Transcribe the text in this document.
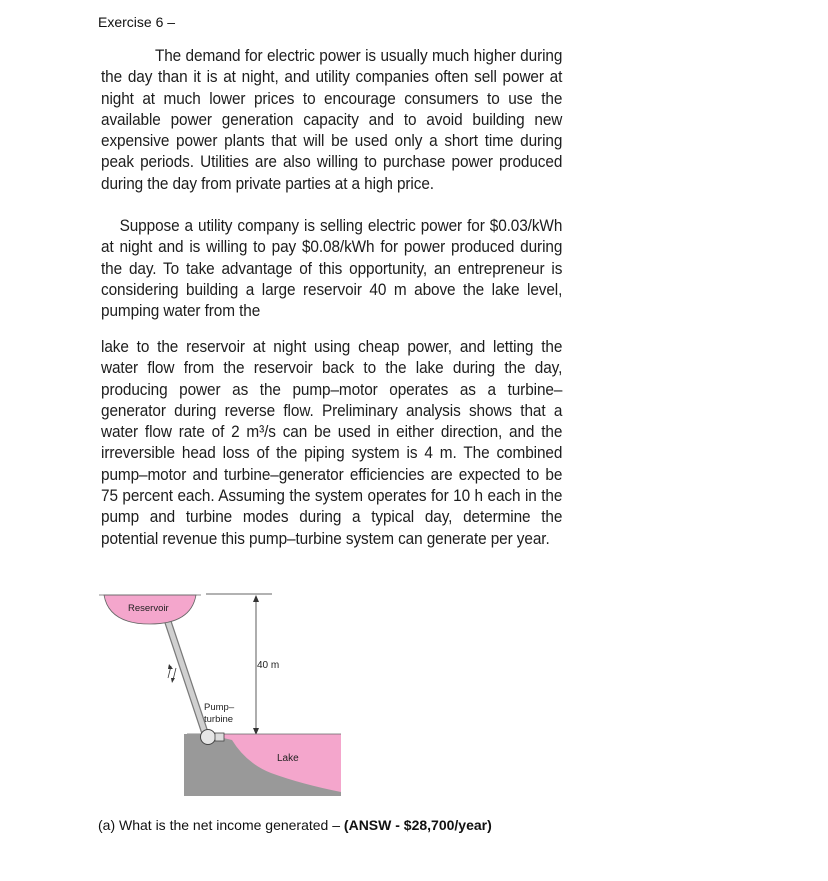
Exercise 6 –
The demand for electric power is usually much higher during the day than it is at night, and utility companies often sell power at night at much lower prices to encourage consumers to use the available power generation capacity and to avoid building new expensive power plants that will be used only a short time during peak periods. Utilities are also willing to purchase power produced during the day from private parties at a high price.
Suppose a utility company is selling electric power for $0.03/kWh at night and is willing to pay $0.08/kWh for power produced during the day. To take advantage of this opportunity, an entrepreneur is considering building a large reservoir 40 m above the lake level, pumping water from the
lake to the reservoir at night using cheap power, and letting the water flow from the reservoir back to the lake during the day, producing power as the pump–motor operates as a turbine–generator during reverse flow. Preliminary analysis shows that a water flow rate of 2 m³/s can be used in either direction, and the irreversible head loss of the piping system is 4 m. The combined pump–motor and turbine–generator efficiencies are expected to be 75 percent each. Assuming the system operates for 10 h each in the pump and turbine modes during a typical day, determine the potential revenue this pump–turbine system can generate per year.
40 m
Reservoir
Pump–
turbine
Lake
(a) What is the net income generated – (ANSW - $28,700/year)
